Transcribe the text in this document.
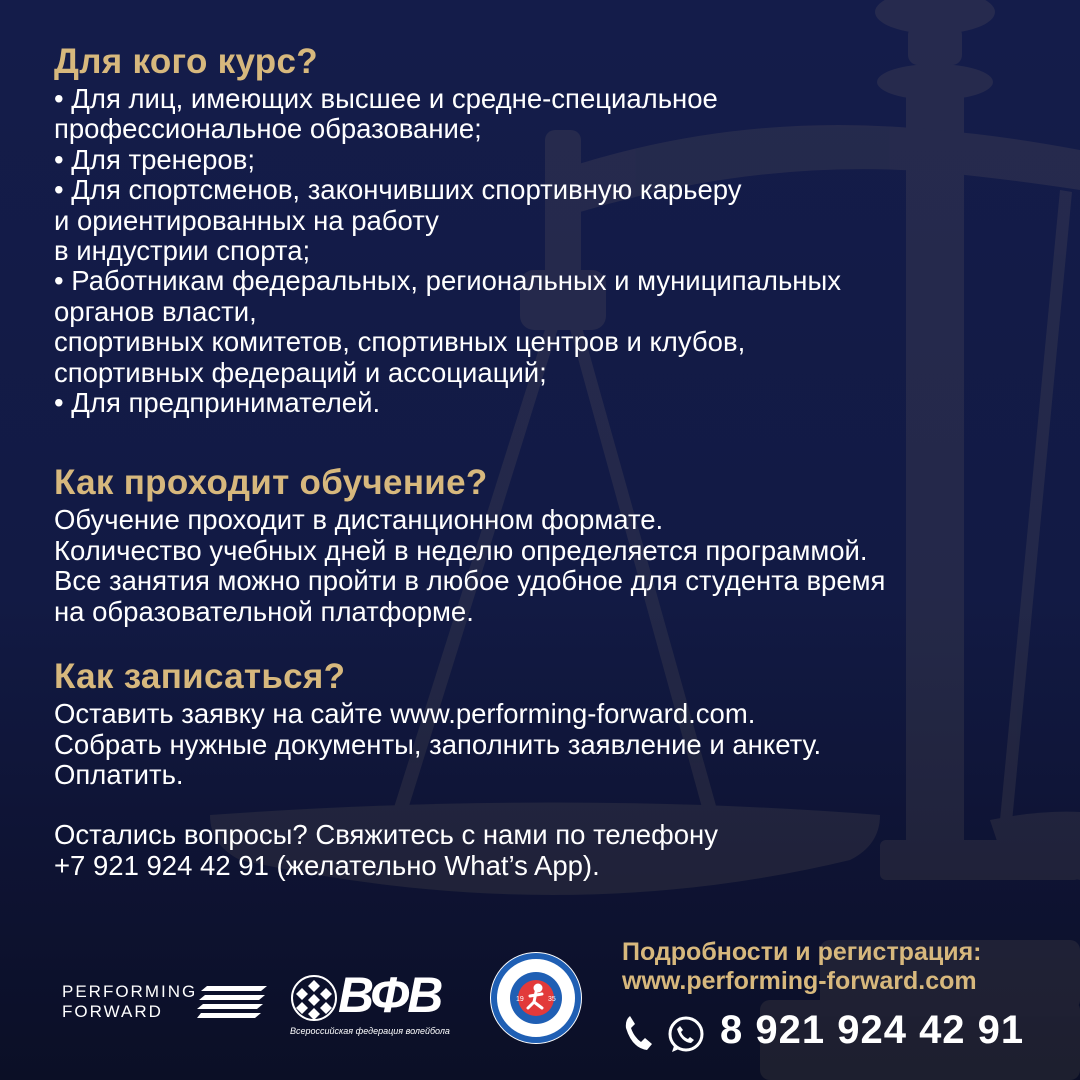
Для кого курс?
• Для лиц, имеющих высшее и средне-специальное
профессиональное образование;
• Для тренеров;
• Для спортсменов, закончивших спортивную карьеру
и ориентированных на работу
в индустрии спорта;
• Работникам федеральных, региональных и муниципальных
органов власти,
спортивных комитетов, спортивных центров и клубов,
спортивных федераций и ассоциаций;
• Для предпринимателей.
Как проходит обучение?
Обучение проходит в дистанционном формате.
Количество учебных дней в неделю определяется программой.
Все занятия можно пройти в любое удобное для студента время
на образовательной платформе.
Как записаться?
Оставить заявку на сайте www.performing-forward.com.
Собрать нужные документы, заполнить заявление и анкету.
Оплатить.
Остались вопросы? Свяжитесь с нами по телефону
+7 921 924 42 91 (желательно What’s App).
PERFORMING
FORWARD	ВФВ
Всероссийская федерация волейбола
19	35
Подробности и регистрация:
www.performing-forward.com
8 921 924 42 91
